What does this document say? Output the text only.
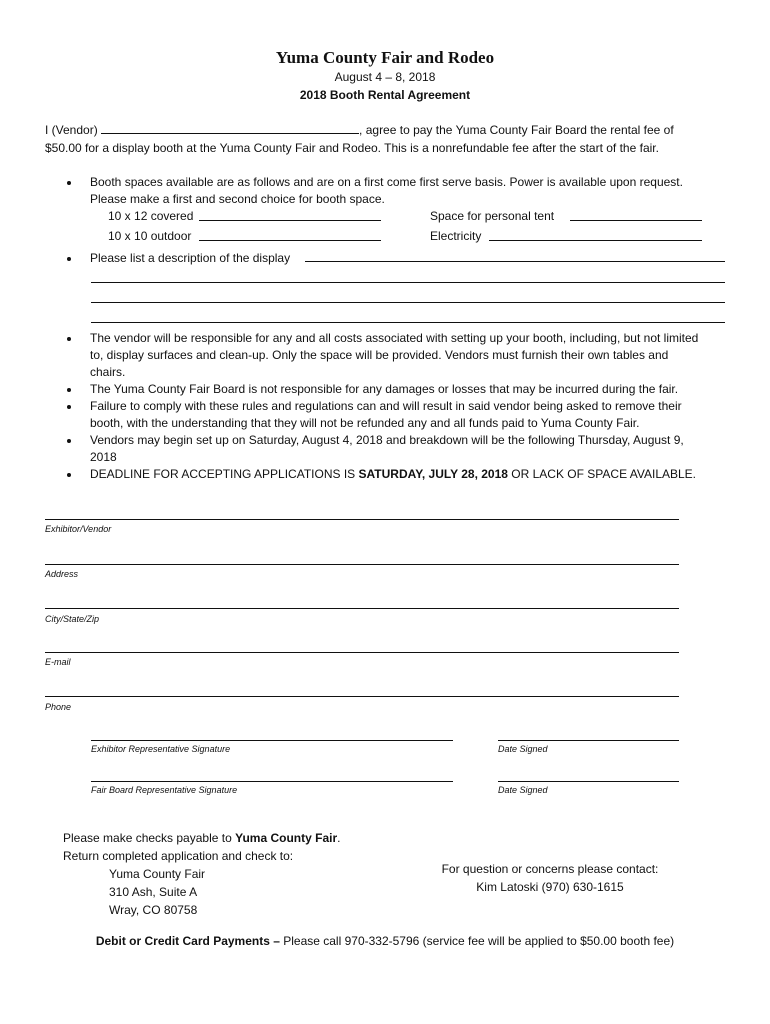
Yuma County Fair and Rodeo
August 4 – 8, 2018
2018 Booth Rental Agreement
I (Vendor)	, agree to pay the Yuma County Fair Board the rental fee of
$50.00 for a display booth at the Yuma County Fair and Rodeo. This is a nonrefundable fee after the start of the fair.
Booth spaces available are as follows and are on a first come first serve basis. Power is available upon request.
Please make a first and second choice for booth space.
10 x 12 covered	Space for personal tent
10 x 10 outdoor	Electricity
Please list a description of the display
The vendor will be responsible for any and all costs associated with setting up your booth, including, but not limited to, display surfaces and clean-up. Only the space will be provided. Vendors must furnish their own tables and chairs.
The Yuma County Fair Board is not responsible for any damages or losses that may be incurred during the fair.
Failure to comply with these rules and regulations can and will result in said vendor being asked to remove their booth, with the understanding that they will not be refunded any and all funds paid to Yuma County Fair.
Vendors may begin set up on Saturday, August 4, 2018 and breakdown will be the following Thursday, August 9, 2018
DEADLINE FOR ACCEPTING APPLICATIONS IS SATURDAY, JULY 28, 2018 OR LACK OF SPACE AVAILABLE.
Exhibitor/Vendor
Address
City/State/Zip
E-mail
Phone
Exhibitor Representative Signature	Date Signed
Fair Board Representative Signature	Date Signed
Please make checks payable to Yuma County Fair.
Return completed application and check to:
Yuma County Fair
310 Ash, Suite A
Wray, CO 80758
For question or concerns please contact:
Kim Latoski (970) 630-1615
Debit or Credit Card Payments – Please call 970-332-5796 (service fee will be applied to $50.00 booth fee)
